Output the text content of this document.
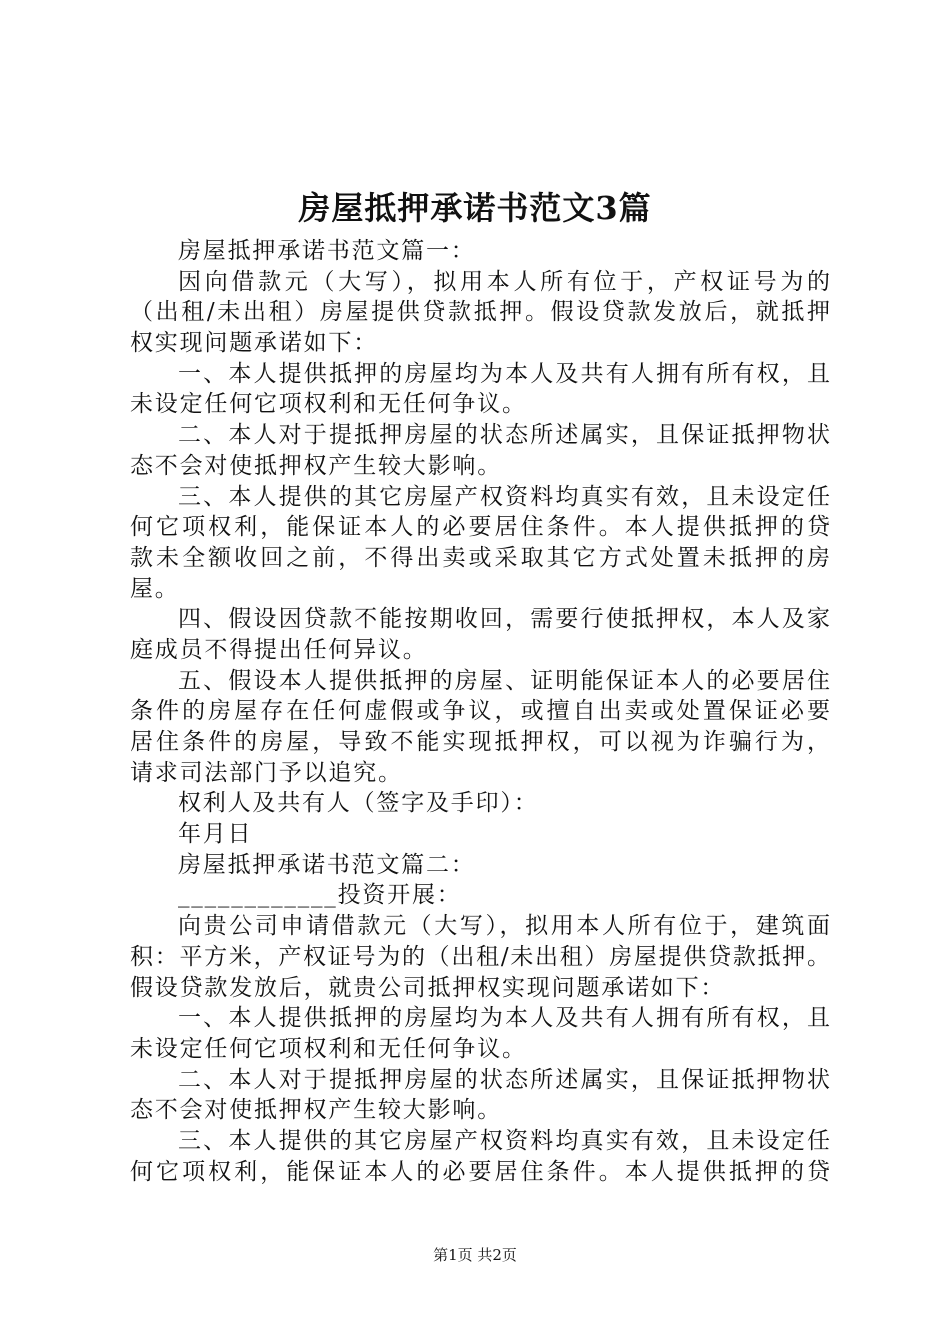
房屋抵押承诺书范文3篇
房屋抵押承诺书范文篇一：
因向借款元（大写），拟用本人所有位于，产权证号为的
（出租/未出租）房屋提供贷款抵押。假设贷款发放后，就抵押
权实现问题承诺如下：
一、本人提供抵押的房屋均为本人及共有人拥有所有权，且
未设定任何它项权利和无任何争议。
二、本人对于提抵押房屋的状态所述属实，且保证抵押物状
态不会对使抵押权产生较大影响。
三、本人提供的其它房屋产权资料均真实有效，且未设定任
何它项权利，能保证本人的必要居住条件。本人提供抵押的贷
款未全额收回之前，不得出卖或采取其它方式处置未抵押的房
屋。
四、假设因贷款不能按期收回，需要行使抵押权，本人及家
庭成员不得提出任何异议。
五、假设本人提供抵押的房屋、证明能保证本人的必要居住
条件的房屋存在任何虚假或争议，或擅自出卖或处置保证必要
居住条件的房屋，导致不能实现抵押权，可以视为诈骗行为，
请求司法部门予以追究。
权利人及共有人（签字及手印）：
年月日
房屋抵押承诺书范文篇二：
____________投资开展：
向贵公司申请借款元（大写），拟用本人所有位于，建筑面
积：平方米，产权证号为的（出租/未出租）房屋提供贷款抵押。
假设贷款发放后，就贵公司抵押权实现问题承诺如下：
一、本人提供抵押的房屋均为本人及共有人拥有所有权，且
未设定任何它项权利和无任何争议。
二、本人对于提抵押房屋的状态所述属实，且保证抵押物状
态不会对使抵押权产生较大影响。
三、本人提供的其它房屋产权资料均真实有效，且未设定任
何它项权利，能保证本人的必要居住条件。本人提供抵押的贷
第1页 共2页
